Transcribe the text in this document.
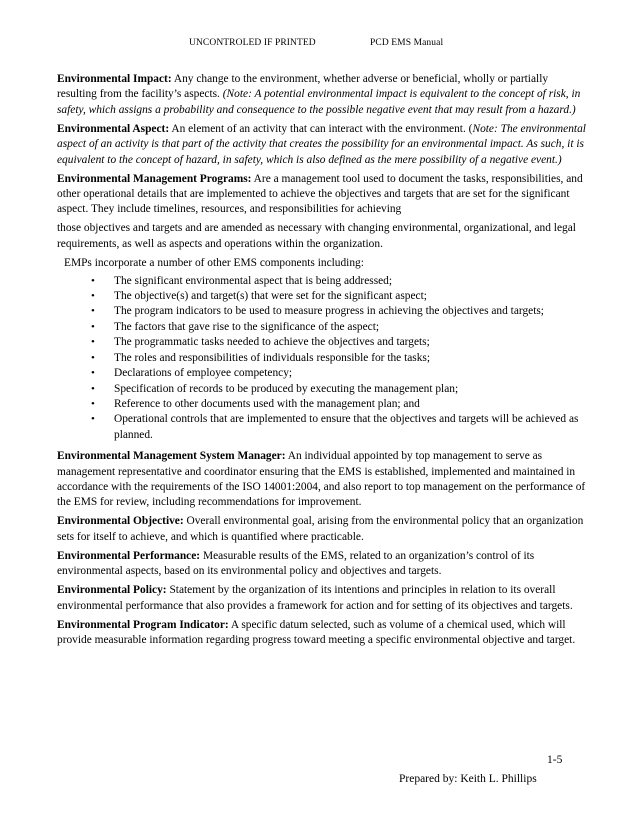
UNCONTROLED IF PRINTED	PCD EMS Manual

Environmental Impact: Any change to the environment, whether adverse or beneficial, wholly or partially resulting from the facility’s aspects. (Note: A potential environmental impact is equivalent to the concept of risk, in safety, which assigns a probability and consequence to the possible negative event that may result from a hazard.)

Environmental Aspect: An element of an activity that can interact with the environment. (Note: The environmental aspect of an activity is that part of the activity that creates the possibility for an environmental impact. As such, it is equivalent to the concept of hazard, in safety, which is also defined as the mere possibility of a negative event.)

Environmental Management Programs: Are a management tool used to document the tasks, responsibilities, and other operational details that are implemented to achieve the objectives and targets that are set for the significant aspect. They include timelines, resources, and responsibilities for achieving

those objectives and targets and are amended as necessary with changing environmental, organizational, and legal requirements, as well as aspects and operations within the organization.

EMPs incorporate a number of other EMS components including:

• The significant environmental aspect that is being addressed;
• The objective(s) and target(s) that were set for the significant aspect;
• The program indicators to be used to measure progress in achieving the objectives and targets;
• The factors that gave rise to the significance of the aspect;
• The programmatic tasks needed to achieve the objectives and targets;
• The roles and responsibilities of individuals responsible for the tasks;
• Declarations of employee competency;
• Specification of records to be produced by executing the management plan;
• Reference to other documents used with the management plan; and
• Operational controls that are implemented to ensure that the objectives and targets will be achieved as planned.

Environmental Management System Manager: An individual appointed by top management to serve as management representative and coordinator ensuring that the EMS is established, implemented and maintained in accordance with the requirements of the ISO 14001:2004, and also report to top management on the performance of the EMS for review, including recommendations for improvement.

Environmental Objective: Overall environmental goal, arising from the environmental policy that an organization sets for itself to achieve, and which is quantified where practicable.

Environmental Performance: Measurable results of the EMS, related to an organization’s control of its environmental aspects, based on its environmental policy and objectives and targets.

Environmental Policy: Statement by the organization of its intentions and principles in relation to its overall environmental performance that also provides a framework for action and for setting of its objectives and targets.

Environmental Program Indicator: A specific datum selected, such as volume of a chemical used, which will provide measurable information regarding progress toward meeting a specific environmental objective and target.

1-5
Prepared by: Keith L. Phillips
